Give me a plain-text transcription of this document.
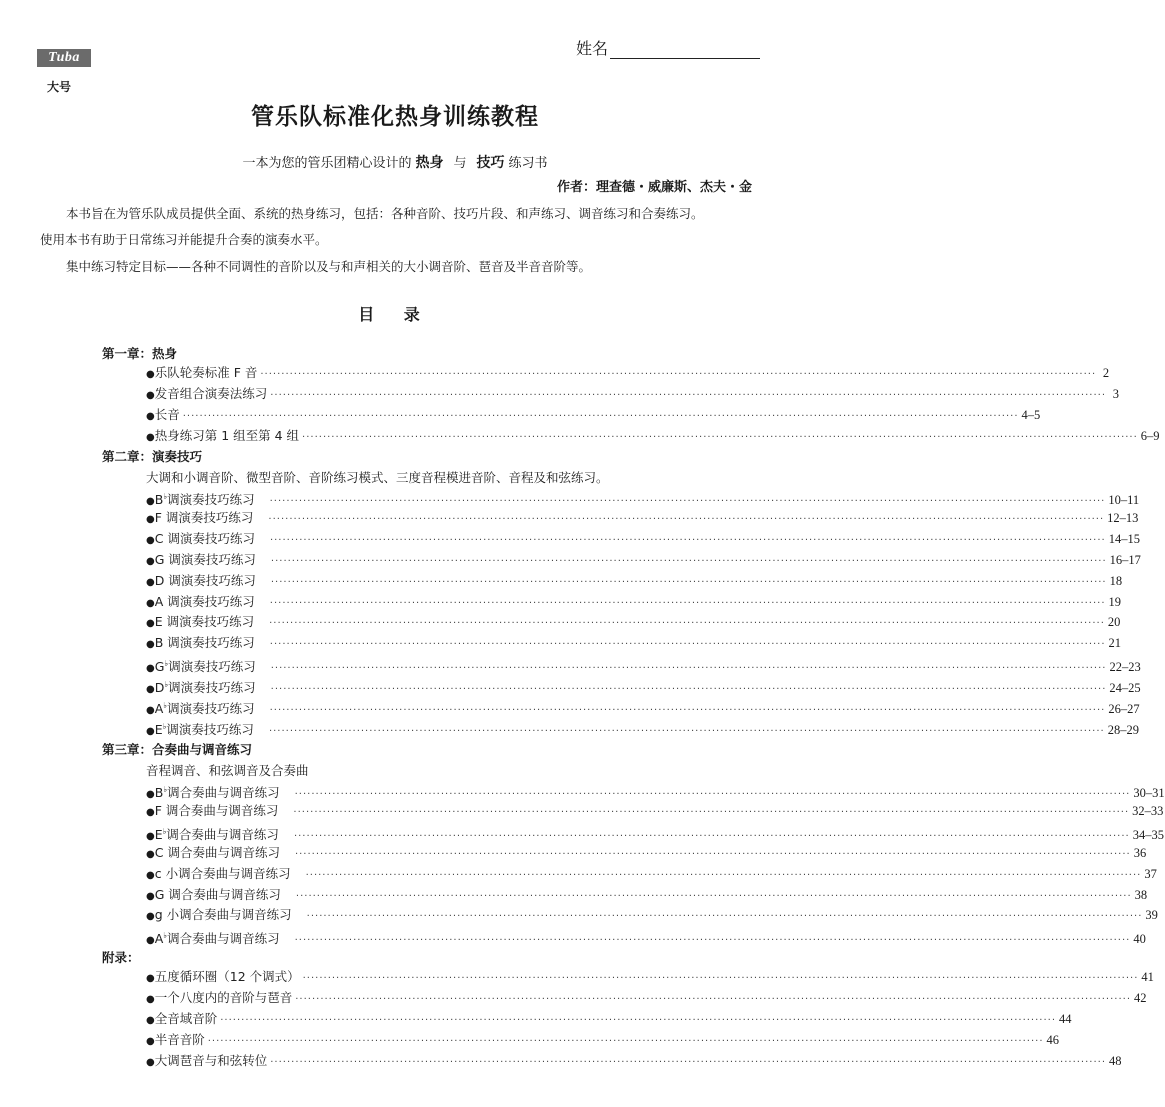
Tuba
大号
姓名
管乐队标准化热身训练教程
一本为您的管乐团精心设计的 热身 与 技巧 练习书
作者：理查德・威廉斯、杰夫・金
本书旨在为管乐队成员提供全面、系统的热身练习，包括：各种音阶、技巧片段、和声练习、调音练习和合奏练习。
使用本书有助于日常练习并能提升合奏的演奏水平。
集中练习特定目标——各种不同调性的音阶以及与和声相关的大小调音阶、琶音及半音音阶等。
目 录
第一章：热身
● 乐队轮奏标准 F 音 ········································································································································································································ 2
● 发音组合演奏法练习 ········································································································································································································ 3
● 长音 ········································································································································································································ 4–5
● 热身练习第 1 组至第 4 组 ········································································································································································································ 6–9
第二章：演奏技巧
大调和小调音阶、微型音阶、音阶练习模式、三度音程模进音阶、音程及和弦练习。
● B♭调演奏技巧练习 ········································································································································································································ 10–11
● F 调演奏技巧练习 ········································································································································································································ 12–13
● C 调演奏技巧练习 ········································································································································································································ 14–15
● G 调演奏技巧练习 ········································································································································································································ 16–17
● D 调演奏技巧练习 ········································································································································································································ 18
● A 调演奏技巧练习 ········································································································································································································ 19
● E 调演奏技巧练习 ········································································································································································································ 20
● B 调演奏技巧练习 ········································································································································································································ 21
● G♭调演奏技巧练习 ········································································································································································································ 22–23
● D♭调演奏技巧练习 ········································································································································································································ 24–25
● A♭调演奏技巧练习 ········································································································································································································ 26–27
● E♭调演奏技巧练习 ········································································································································································································ 28–29
第三章：合奏曲与调音练习
音程调音、和弦调音及合奏曲
● B♭调合奏曲与调音练习 ········································································································································································································ 30–31
● F 调合奏曲与调音练习 ········································································································································································································ 32–33
● E♭调合奏曲与调音练习 ········································································································································································································ 34–35
● C 调合奏曲与调音练习 ········································································································································································································ 36
● c 小调合奏曲与调音练习 ········································································································································································································ 37
● G 调合奏曲与调音练习 ········································································································································································································ 38
● g 小调合奏曲与调音练习 ········································································································································································································ 39
● A♭调合奏曲与调音练习 ········································································································································································································ 40
附录：
● 五度循环圈（12 个调式） ········································································································································································································ 41
● 一个八度内的音阶与琶音 ········································································································································································································ 42
● 全音域音阶 ········································································································································································································ 44
● 半音音阶 ········································································································································································································ 46
● 大调琶音与和弦转位 ········································································································································································································ 48
